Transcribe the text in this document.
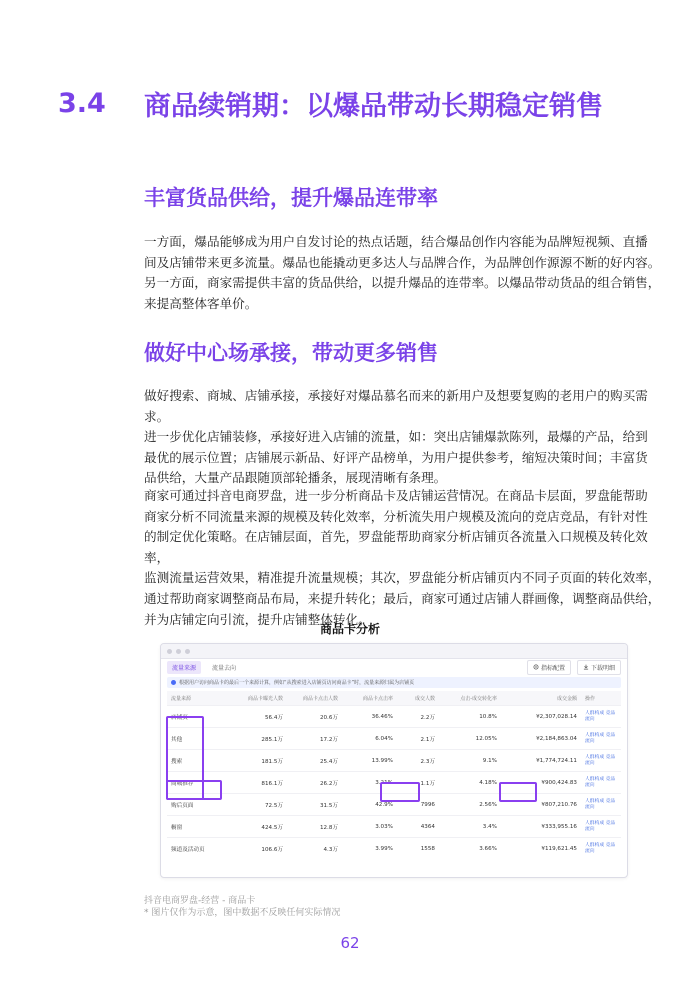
3.4	商品续销期：以爆品带动长期稳定销售
丰富货品供给，提升爆品连带率
一方面，爆品能够成为用户自发讨论的热点话题，结合爆品创作内容能为品牌短视频、直播
间及店铺带来更多流量。爆品也能撬动更多达人与品牌合作，为品牌创作源源不断的好内容。
另一方面，商家需提供丰富的货品供给，以提升爆品的连带率。以爆品带动货品的组合销售，
来提高整体客单价。
做好中心场承接，带动更多销售
做好搜索、商城、店铺承接，承接好对爆品慕名而来的新用户及想要复购的老用户的购买需求。
进一步优化店铺装修，承接好进入店铺的流量，如：突出店铺爆款陈列，最爆的产品，给到
最优的展示位置；店铺展示新品、好评产品榜单，为用户提供参考，缩短决策时间；丰富货
品供给，大量产品跟随顶部轮播条，展现清晰有条理。
商家可通过抖音电商罗盘，进一步分析商品卡及店铺运营情况。在商品卡层面，罗盘能帮助
商家分析不同流量来源的规模及转化效率，分析流失用户规模及流向的竞店竞品，有针对性
的制定优化策略。在店铺层面，首先，罗盘能帮助商家分析店铺页各流量入口规模及转化效率，
监测流量运营效果，精准提升流量规模；其次，罗盘能分析店铺页内不同子页面的转化效率，
通过帮助商家调整商品布局，来提升转化；最后，商家可通过店铺人群画像，调整商品供给，
并为店铺定向引流，提升店铺整体转化。
商品卡分析
流量来源	流量去向	指标配置	下载明细
根据用户访问商品卡的最后一个来源计算，例如“从搜索进入店铺页访问商品卡”时，流量来源归属为店铺页
流量来源	商品卡曝光人数	商品卡点击人数	商品卡点击率	成交人数	点击-成交转化率	成交金额	操作
店铺页	56.4万	20.6万	36.46%	2.2万	10.8%	¥2,307,028.14	人群构成 竞品流向
其他	285.1万	17.2万	6.04%	2.1万	12.05%	¥2,184,863.04	人群构成 竞品流向
搜索	181.5万	25.4万	13.99%	2.3万	9.1%	¥1,774,724.11	人群构成 竞品流向
商城推荐	816.1万	26.2万	3.21%	1.1万	4.18%	¥900,424.83	人群构成 竞品流向
购后页面	72.5万	31.5万	42.9%	7996	2.56%	¥807,210.76	人群构成 竞品流向
橱窗	424.5万	12.8万	3.03%	4364	3.4%	¥333,955.16	人群构成 竞品流向
频道及活动页	106.6万	4.3万	3.99%	1558	3.66%	¥119,621.45	人群构成 竞品流向
抖音电商罗盘-经营 - 商品卡
* 图片仅作为示意，图中数据不反映任何实际情况
62
